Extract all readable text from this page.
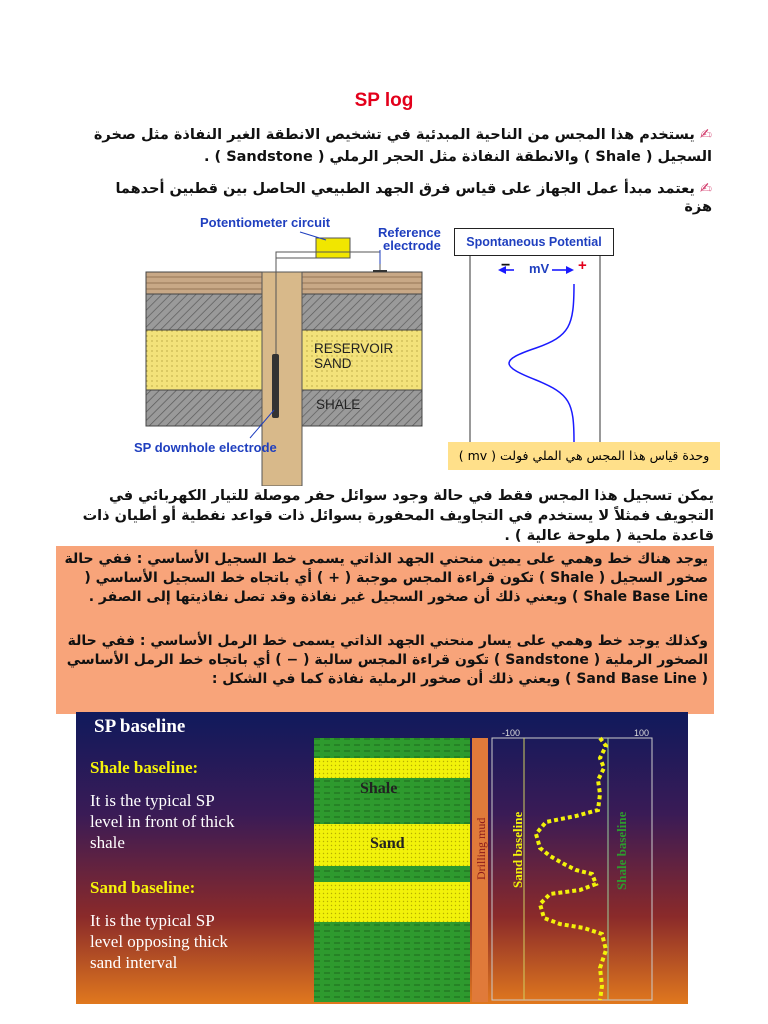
SP log
✍ يستخدم هذا المجس من الناحية المبدئية في تشخيص الانطقة الغير النفاذة مثل صخرة السجيل ( Shale ) والانطقة النفاذة مثل الحجر الرملي ( Sandstone ) .
✍ يعتمد مبدأ عمل الجهاز على قياس فرق الجهد الطبيعي الحاصل بين قطبين أحدهما هزة
Potentiometer circuit
Reference
electrode
RESERVOIR
SAND
SHALE
SP downhole electrode
Spontaneous Potential
− mV +
وحدة قياس هذا المجس هي الملي فولت ( mv )
يمكن تسجيل هذا المجس فقط في حالة وجود سوائل حفر موصلة للتيار الكهربائي في التجويف فمثلاً لا يستخدم في التجاويف المحفورة بسوائل ذات قواعد نفطية أو أطيان ذات قاعدة ملحية ( ملوحة عالية ) .
يوجد هناك خط وهمي على يمين منحني الجهد الذاتي يسمى خط السجيل الأساسي : ففي حالة صخور السجيل ( Shale ) تكون قراءة المجس موجبة ( + ) أي باتجاه خط السجيل الأساسي ( Shale Base Line ) ويعني ذلك أن صخور السجيل غير نفاذة وقد تصل نفاذيتها إلى الصفر .
وكذلك يوجد خط وهمي على يسار منحني الجهد الذاتي يسمى خط الرمل الأساسي : ففي حالة الصخور الرملية ( Sandstone ) تكون قراءة المجس سالبة ( − ) أي باتجاه خط الرمل الأساسي ( Sand Base Line ) ويعني ذلك أن صخور الرملية نفاذة كما في الشكل :
SP baseline
Shale baseline:
It is the typical SP
level in front of thick
shale
Sand baseline:
It is the typical SP
level opposing thick
sand interval
Shale
Sand	Drilling mud Sand baseline	Shale baseline
-100	100
